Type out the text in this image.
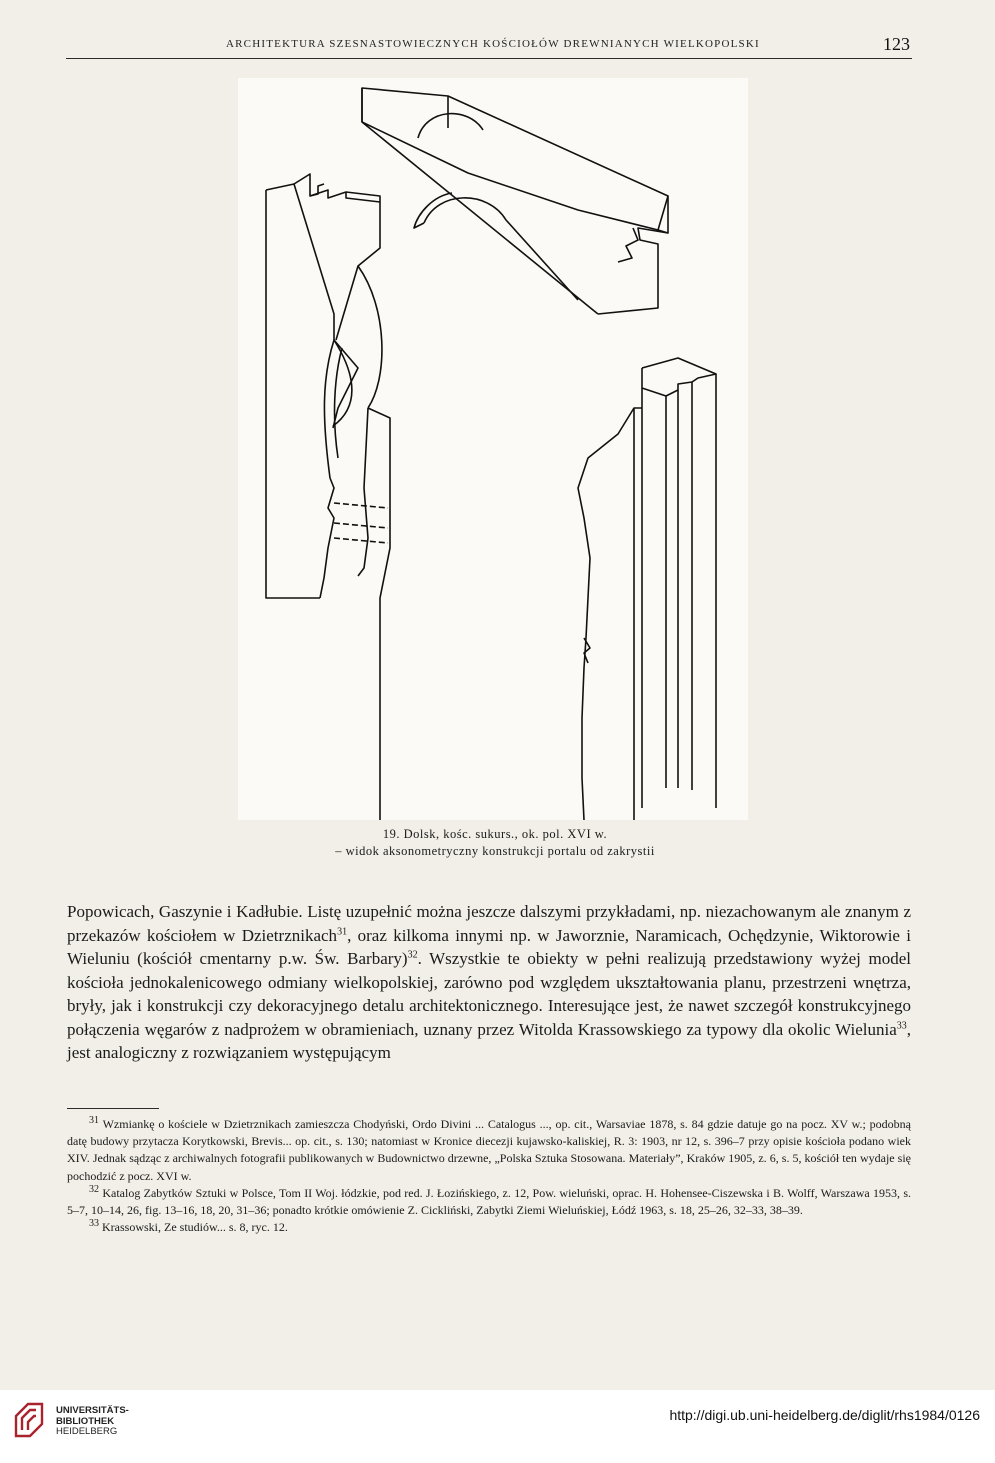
ARCHITEKTURA SZESNASTOWIECZNYCH KOŚCIOŁÓW DREWNIANYCH WIELKOPOLSKI	123
19. Dolsk, kośc. sukurs., ok. pol. XVI w.
– widok aksonometryczny konstrukcji portalu od zakrystii

Popowicach, Gaszynie i Kadłubie. Listę uzupełnić można jeszcze dalszymi przykładami, np. niezachowanym ale znanym z przekazów kościołem w Dzietrznikach$^{31}$, oraz kilkoma innymi np. w Jaworznie, Naramicach, Ochędzynie, Wiktorowie i Wieluniu (kościół cmentarny p.w. Św. Barbary)$^{32}$. Wszystkie te obiekty w pełni realizują przedstawiony wyżej model kościoła jednokalenicowego odmiany wielkopolskiej, zarówno pod względem ukształtowania planu, przestrzeni wnętrza, bryły, jak i konstrukcji czy dekoracyjnego detalu architektonicznego. Interesujące jest, że nawet szczegół konstrukcyjnego połączenia węgarów z nadprożem w obramieniach, uznany przez Witolda Krassowskiego za typowy dla okolic Wielunia$^{33}$, jest analogiczny z rozwiązaniem występującym

$^{31}$ Wzmiankę o kościele w Dzietrznikach zamieszcza Chodyński, Ordo Divini ... Catalogus ..., op. cit., Warsaviae 1878, s. 84 gdzie datuje go na pocz. XV w.; podobną datę budowy przytacza Korytkowski, Brevis... op. cit., s. 130; natomiast w Kronice diecezji kujawsko-kaliskiej, R. 3: 1903, nr 12, s. 396–7 przy opisie kościoła podano wiek XIV. Jednak sądząc z archiwalnych fotografii publikowanych w Budownictwo drzewne, „Polska Sztuka Stosowana. Materiały”, Kraków 1905, z. 6, s. 5, kościół ten wydaje się pochodzić z pocz. XVI w.

$^{32}$ Katalog Zabytków Sztuki w Polsce, Tom II Woj. łódzkie, pod red. J. Łozińskiego, z. 12, Pow. wieluński, oprac. H. Hohensee-Ciszewska i B. Wolff, Warszawa 1953, s. 5–7, 10–14, 26, fig. 13–16, 18, 20, 31–36; ponadto krótkie omówienie Z. Cickliński, Zabytki Ziemi Wieluńskiej, Łódź 1963, s. 18, 25–26, 32–33, 38–39.

$^{33}$ Krassowski, Ze studiów... s. 8, ryc. 12.

UNIVERSITÄTS-
BIBLIOTHEK
HEIDELBERG
http://digi.ub.uni-heidelberg.de/diglit/rhs1984/0126
